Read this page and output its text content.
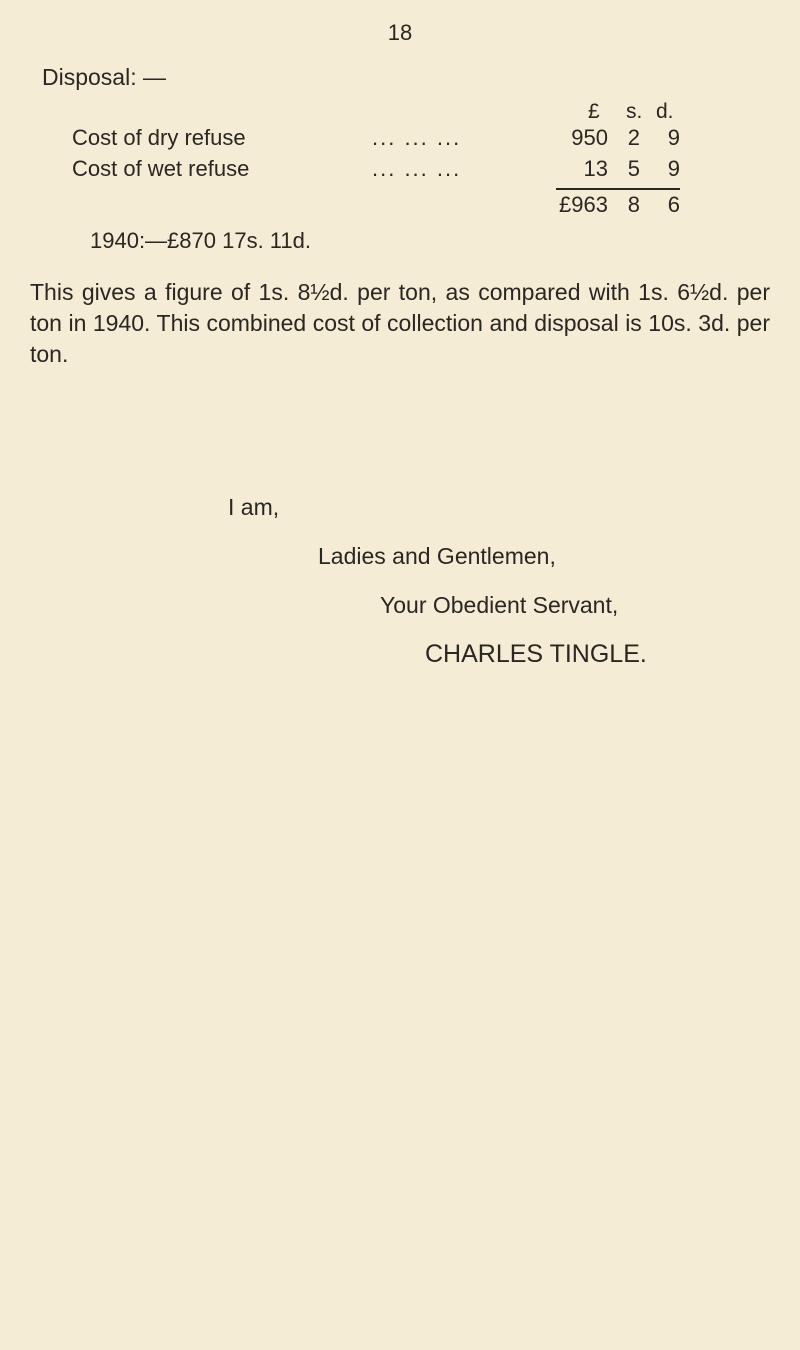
18
Disposal: —
£ s. d.
Cost of dry refuse	... ... ...	950 2	9
Cost of wet refuse	... ... ...	13 5	9
£963 8	6
1940:—£870 17s. 11d.
This gives a figure of 1s. 8½d. per ton, as compared with 1s. 6½d. per ton in 1940. This combined cost of collection and disposal is 10s. 3d. per ton.
I am,
Ladies and Gentlemen,
Your Obedient Servant,
CHARLES TINGLE.
